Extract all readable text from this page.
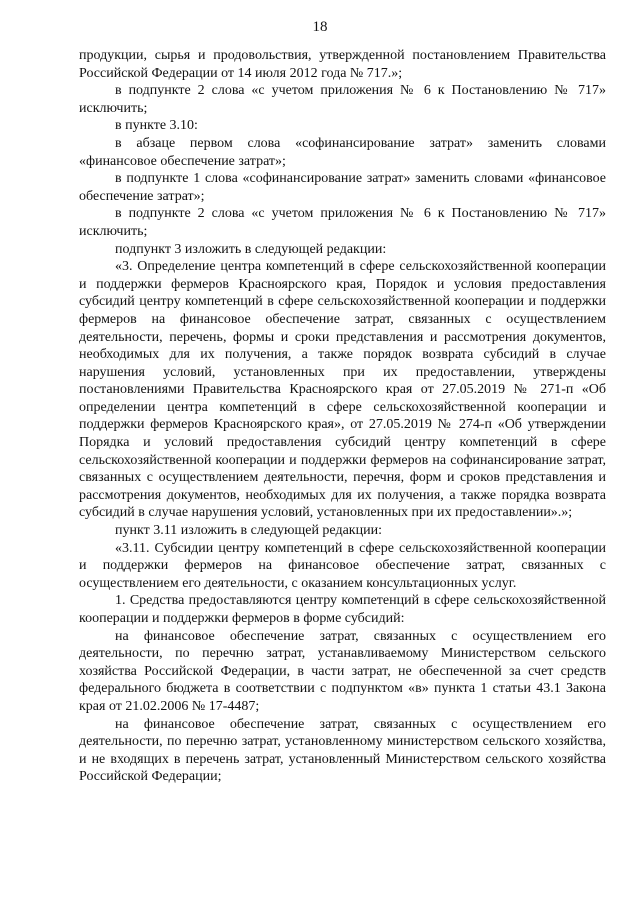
18

продукции, сырья и продовольствия, утвержденной постановлением Правительства Российской Федерации от 14 июля 2012 года № 717.»;

в подпункте 2 слова «с учетом приложения № 6 к Постановлению № 717» исключить;

в пункте 3.10:

в абзаце первом слова «софинансирование затрат» заменить словами «финансовое обеспечение затрат»;

в подпункте 1 слова «софинансирование затрат» заменить словами «финансовое обеспечение затрат»;

в подпункте 2 слова «с учетом приложения № 6 к Постановлению № 717» исключить;

подпункт 3 изложить в следующей редакции:

«3. Определение центра компетенций в сфере сельскохозяйственной кооперации и поддержки фермеров Красноярского края, Порядок и условия предоставления субсидий центру компетенций в сфере сельскохозяйственной кооперации и поддержки фермеров на финансовое обеспечение затрат, связанных с осуществлением деятельности, перечень, формы и сроки представления и рассмотрения документов, необходимых для их получения, а также порядок возврата субсидий в случае нарушения условий, установленных при их предоставлении, утверждены постановлениями Правительства Красноярского края от 27.05.2019 № 271-п «Об определении центра компетенций в сфере сельскохозяйственной кооперации и поддержки фермеров Красноярского края», от 27.05.2019 № 274-п «Об утверждении Порядка и условий предоставления субсидий центру компетенций в сфере сельскохозяйственной кооперации и поддержки фермеров на софинансирование затрат, связанных с осуществлением деятельности, перечня, форм и сроков представления и рассмотрения документов, необходимых для их получения, а также порядка возврата субсидий в случае нарушения условий, установленных при их предоставлении».»;

пункт 3.11 изложить в следующей редакции:

«3.11. Субсидии центру компетенций в сфере сельскохозяйственной кооперации и поддержки фермеров на финансовое обеспечение затрат, связанных с осуществлением его деятельности, с оказанием консультационных услуг.

1. Средства предоставляются центру компетенций в сфере сельскохозяйственной кооперации и поддержки фермеров в форме субсидий:

на финансовое обеспечение затрат, связанных с осуществлением его деятельности, по перечню затрат, устанавливаемому Министерством сельского хозяйства Российской Федерации, в части затрат, не обеспеченной за счет средств федерального бюджета в соответствии с подпунктом «в» пункта 1 статьи 43.1 Закона края от 21.02.2006 № 17-4487;

на финансовое обеспечение затрат, связанных с осуществлением его деятельности, по перечню затрат, установленному министерством сельского хозяйства, и не входящих в перечень затрат, установленный Министерством сельского хозяйства Российской Федерации;
